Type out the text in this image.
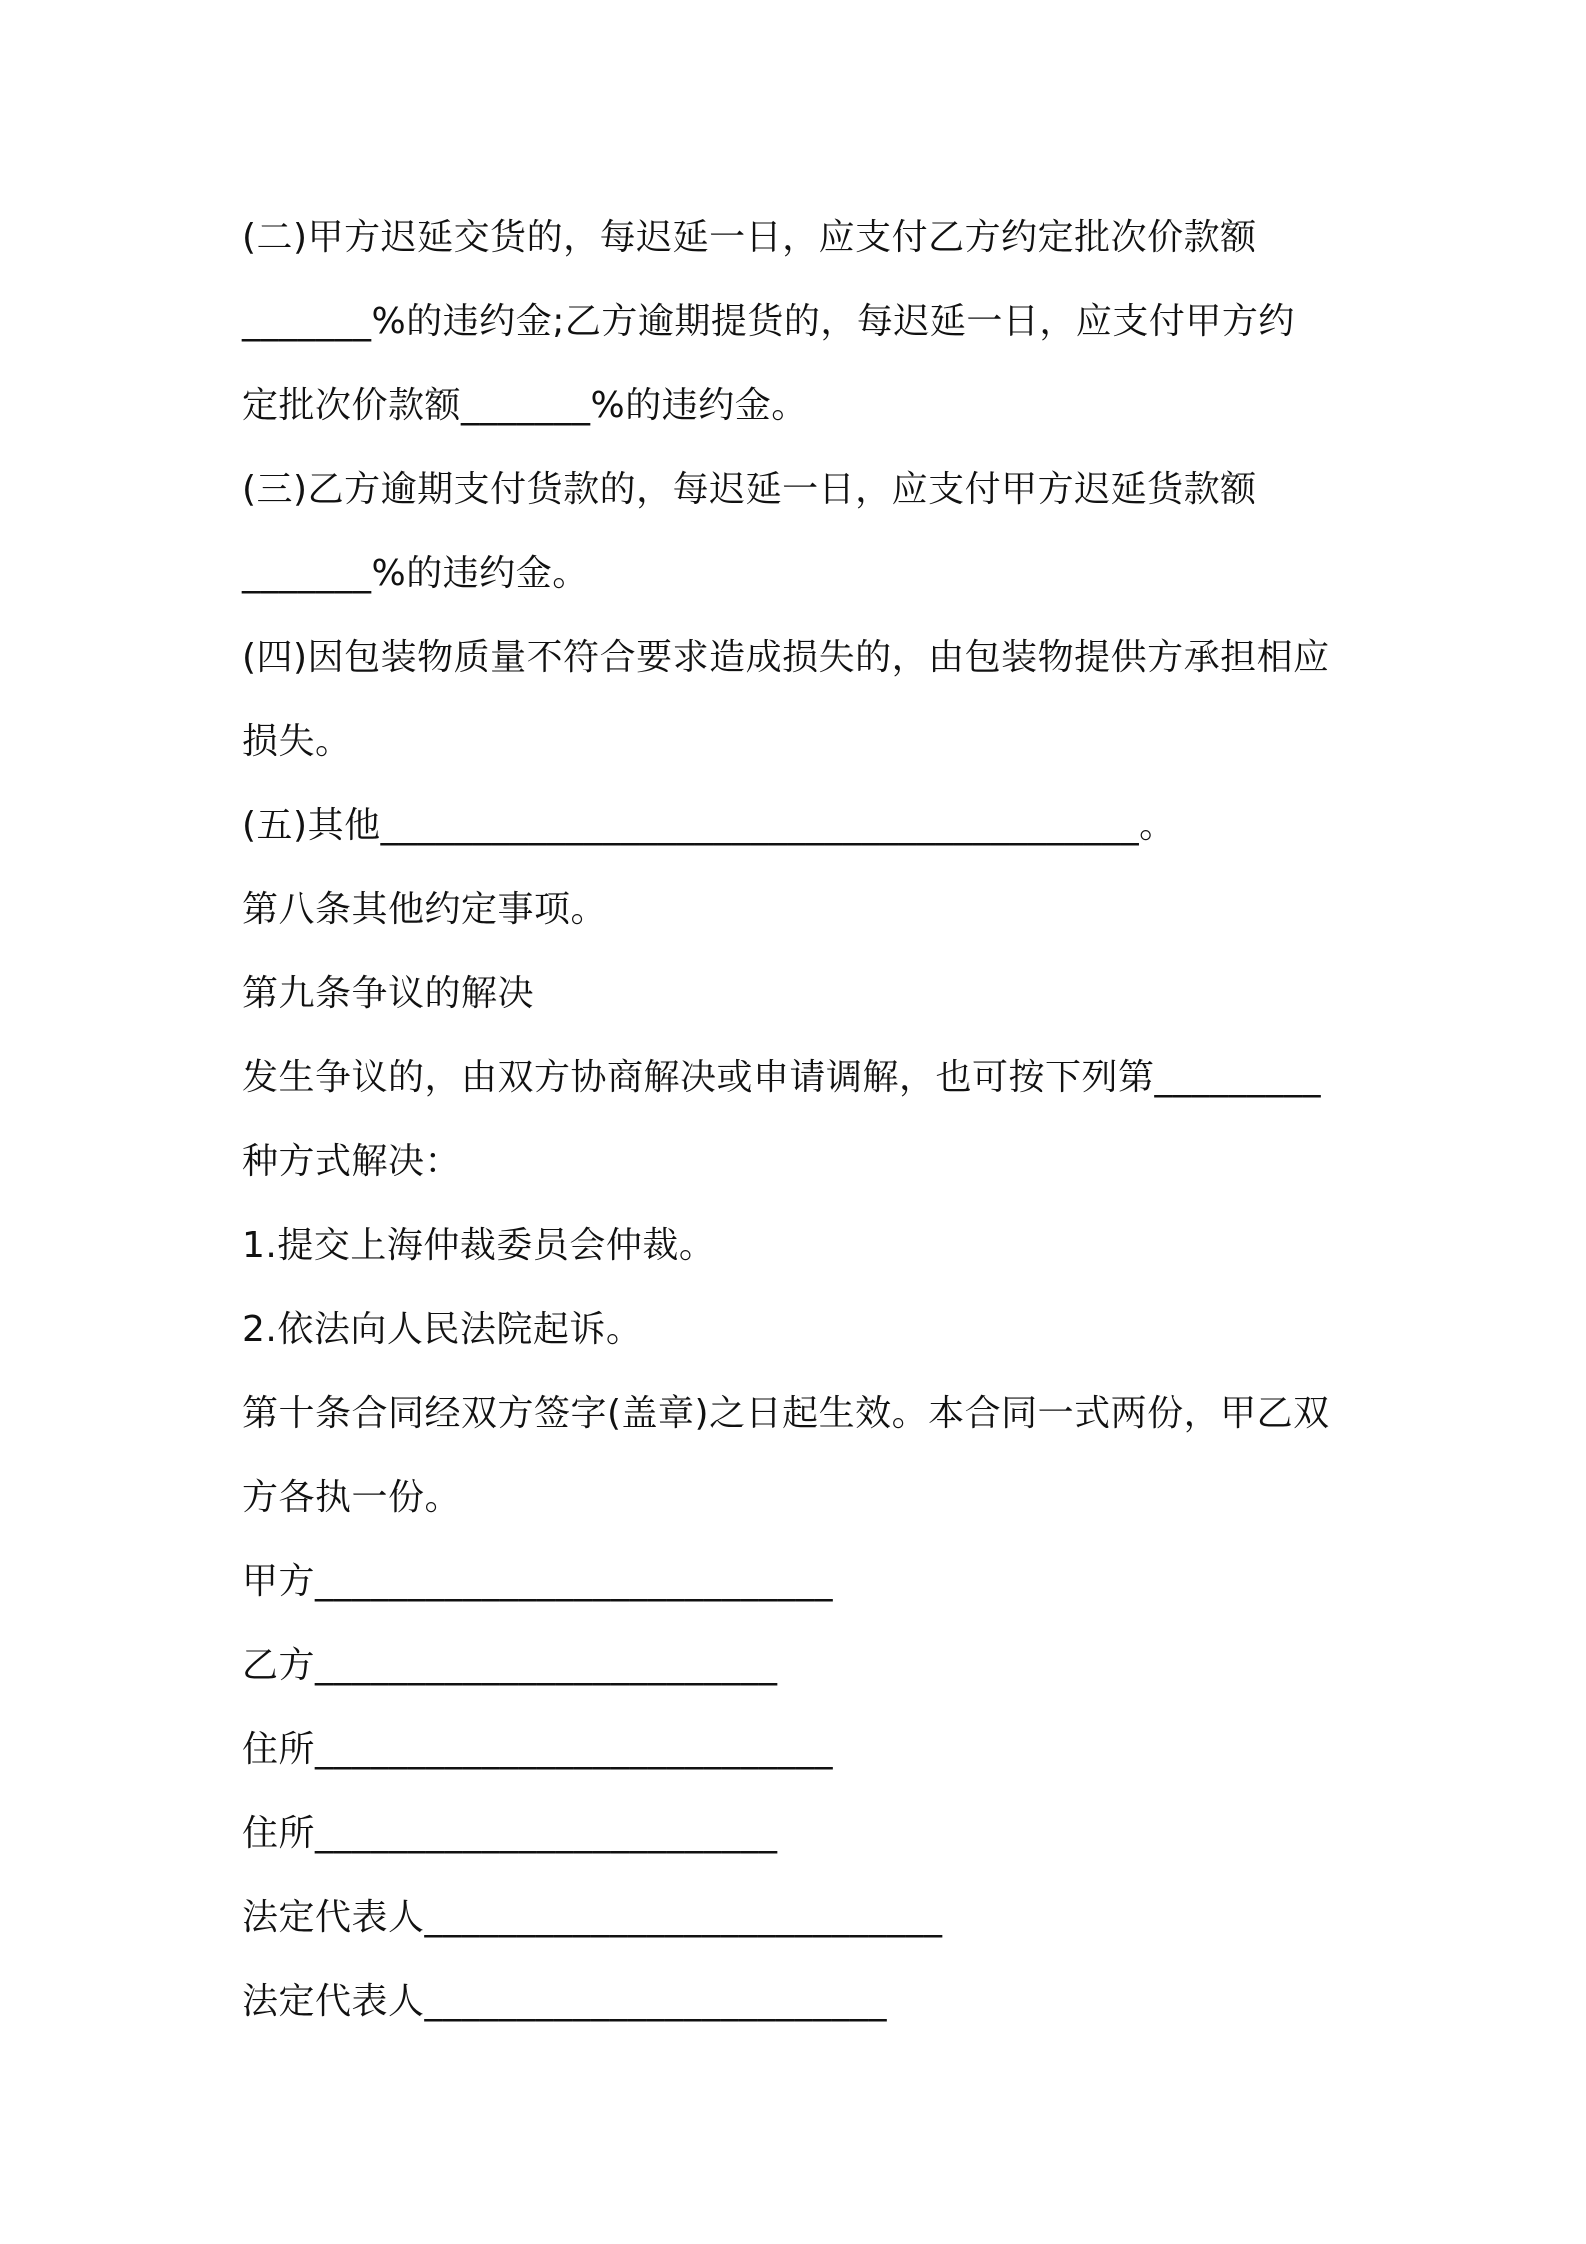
(二)甲方迟延交货的，每迟延一日，应支付乙方约定批次价款额
_______%的违约金;乙方逾期提货的，每迟延一日，应支付甲方约
定批次价款额_______%的违约金。
(三)乙方逾期支付货款的，每迟延一日，应支付甲方迟延货款额
_______%的违约金。
(四)因包装物质量不符合要求造成损失的，由包装物提供方承担相应
损失。
(五)其他_________________________________________。
第八条其他约定事项。
第九条争议的解决
发生争议的，由双方协商解决或申请调解，也可按下列第_________
种方式解决：
1.提交上海仲裁委员会仲裁。
2.依法向人民法院起诉。
第十条合同经双方签字(盖章)之日起生效。本合同一式两份，甲乙双
方各执一份。
甲方____________________________
乙方_________________________
住所____________________________
住所_________________________
法定代表人____________________________
法定代表人_________________________
